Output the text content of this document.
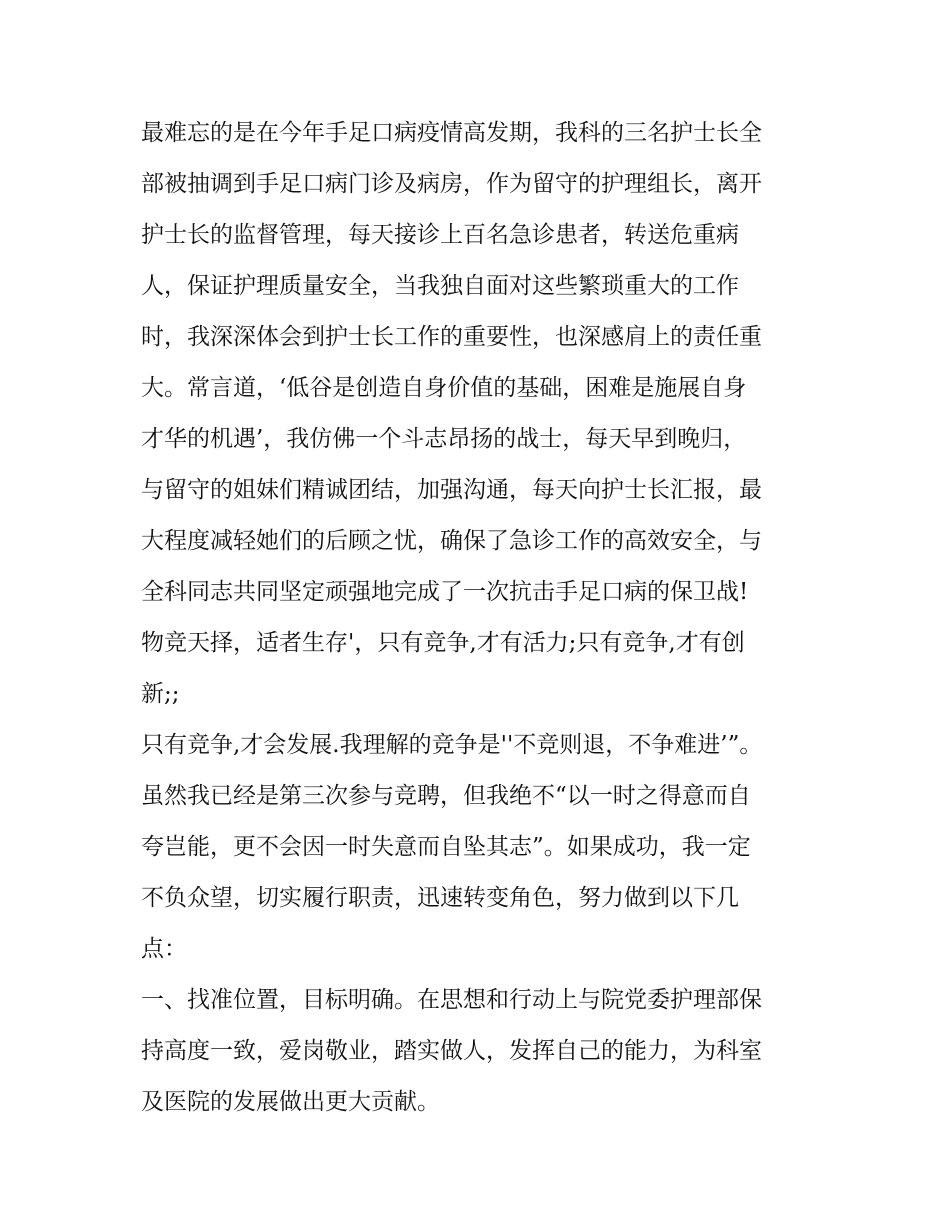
最难忘的是在今年手足口病疫情高发期，我科的三名护士长全
部被抽调到手足口病门诊及病房，作为留守的护理组长，离开
护士长的监督管理，每天接诊上百名急诊患者，转送危重病
人，保证护理质量安全，当我独自面对这些繁琐重大的工作
时，我深深体会到护士长工作的重要性，也深感肩上的责任重
大。常言道，‘低谷是创造自身价值的基础，困难是施展自身
才华的机遇’，我仿佛一个斗志昂扬的战士，每天早到晚归，
与留守的姐妹们精诚团结，加强沟通，每天向护士长汇报，最
大程度减轻她们的后顾之忧，确保了急诊工作的高效安全，与
全科同志共同坚定顽强地完成了一次抗击手足口病的保卫战!
物竞天择，适者生存'，只有竞争,才有活力;只有竞争,才有创
新;;
只有竞争,才会发展.我理解的竞争是''不竞则退，不争难进’”。
虽然我已经是第三次参与竞聘，但我绝不“以一时之得意而自
夸岂能，更不会因一时失意而自坠其志”。如果成功，我一定
不负众望，切实履行职责，迅速转变角色，努力做到以下几
点：
一、找准位置，目标明确。在思想和行动上与院党委护理部保
持高度一致，爱岗敬业，踏实做人，发挥自己的能力，为科室
及医院的发展做出更大贡献。
